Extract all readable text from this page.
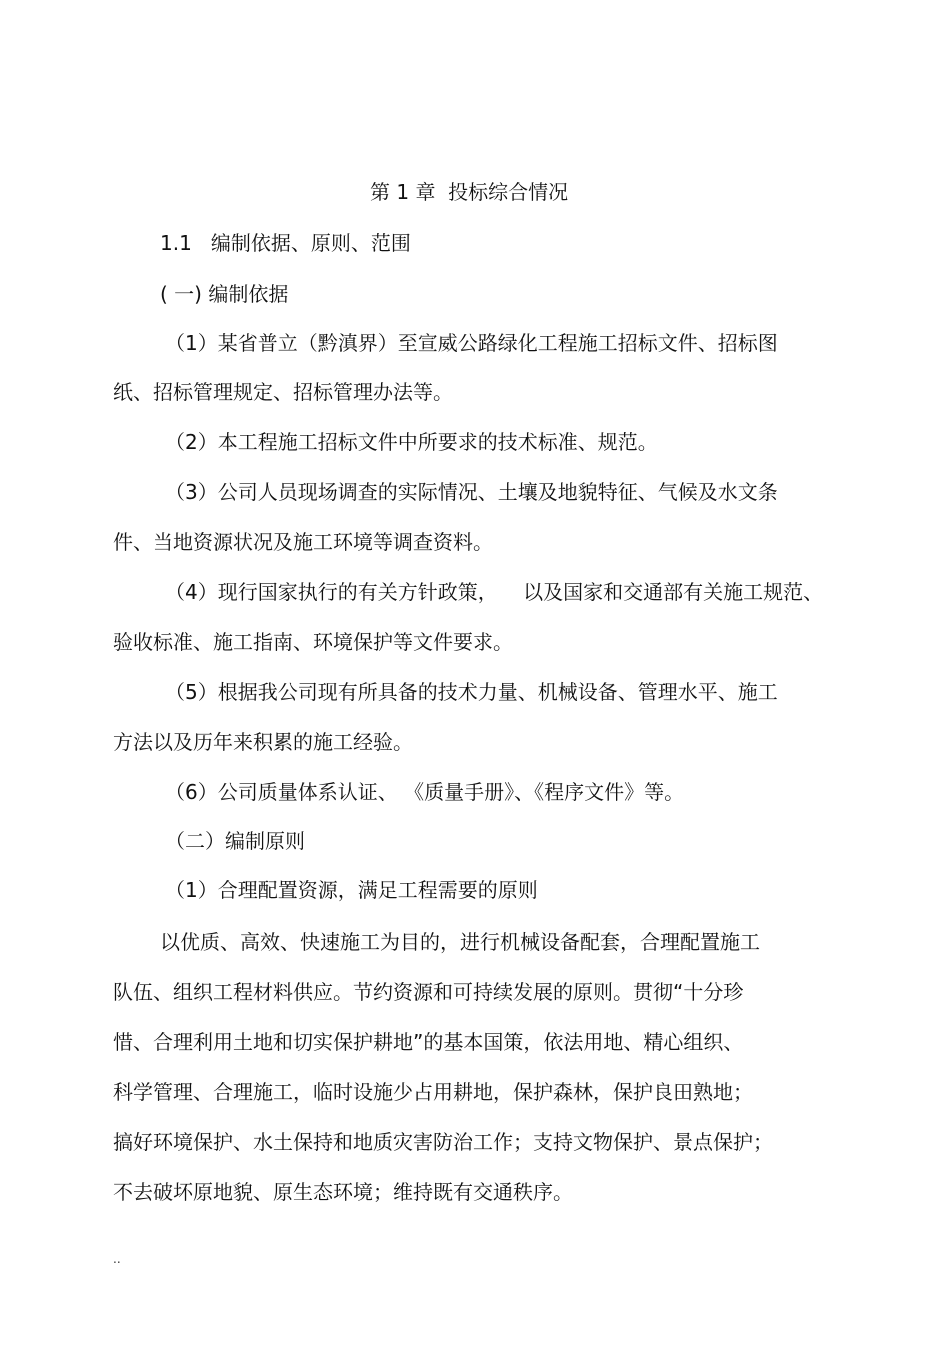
第 1 章  投标综合情况

1.1   编制依据、原则、范围

( 一) 编制依据

（1）某省普立（黔滇界）至宣威公路绿化工程施工招标文件、招标图

纸、招标管理规定、招标管理办法等。

（2）本工程施工招标文件中所要求的技术标准、规范。

（3）公司人员现场调查的实际情况、土壤及地貌特征、气候及水文条

件、当地资源状况及施工环境等调查资料。

（4）现行国家执行的有关方针政策，    以及国家和交通部有关施工规范、

验收标准、施工指南、环境保护等文件要求。

（5）根据我公司现有所具备的技术力量、机械设备、管理水平、施工

方法以及历年来积累的施工经验。

（6）公司质量体系认证、 《质量手册》、《程序文件》等。

（二）编制原则

（1）合理配置资源，满足工程需要的原则

以优质、高效、快速施工为目的，进行机械设备配套，合理配置施工

队伍、组织工程材料供应。节约资源和可持续发展的原则。贯彻“十分珍

惜、合理利用土地和切实保护耕地”的基本国策，依法用地、精心组织、

科学管理、合理施工，临时设施少占用耕地，保护森林，保护良田熟地；

搞好环境保护、水土保持和地质灾害防治工作；支持文物保护、景点保护；

不去破坏原地貌、原生态环境；维持既有交通秩序。

..
